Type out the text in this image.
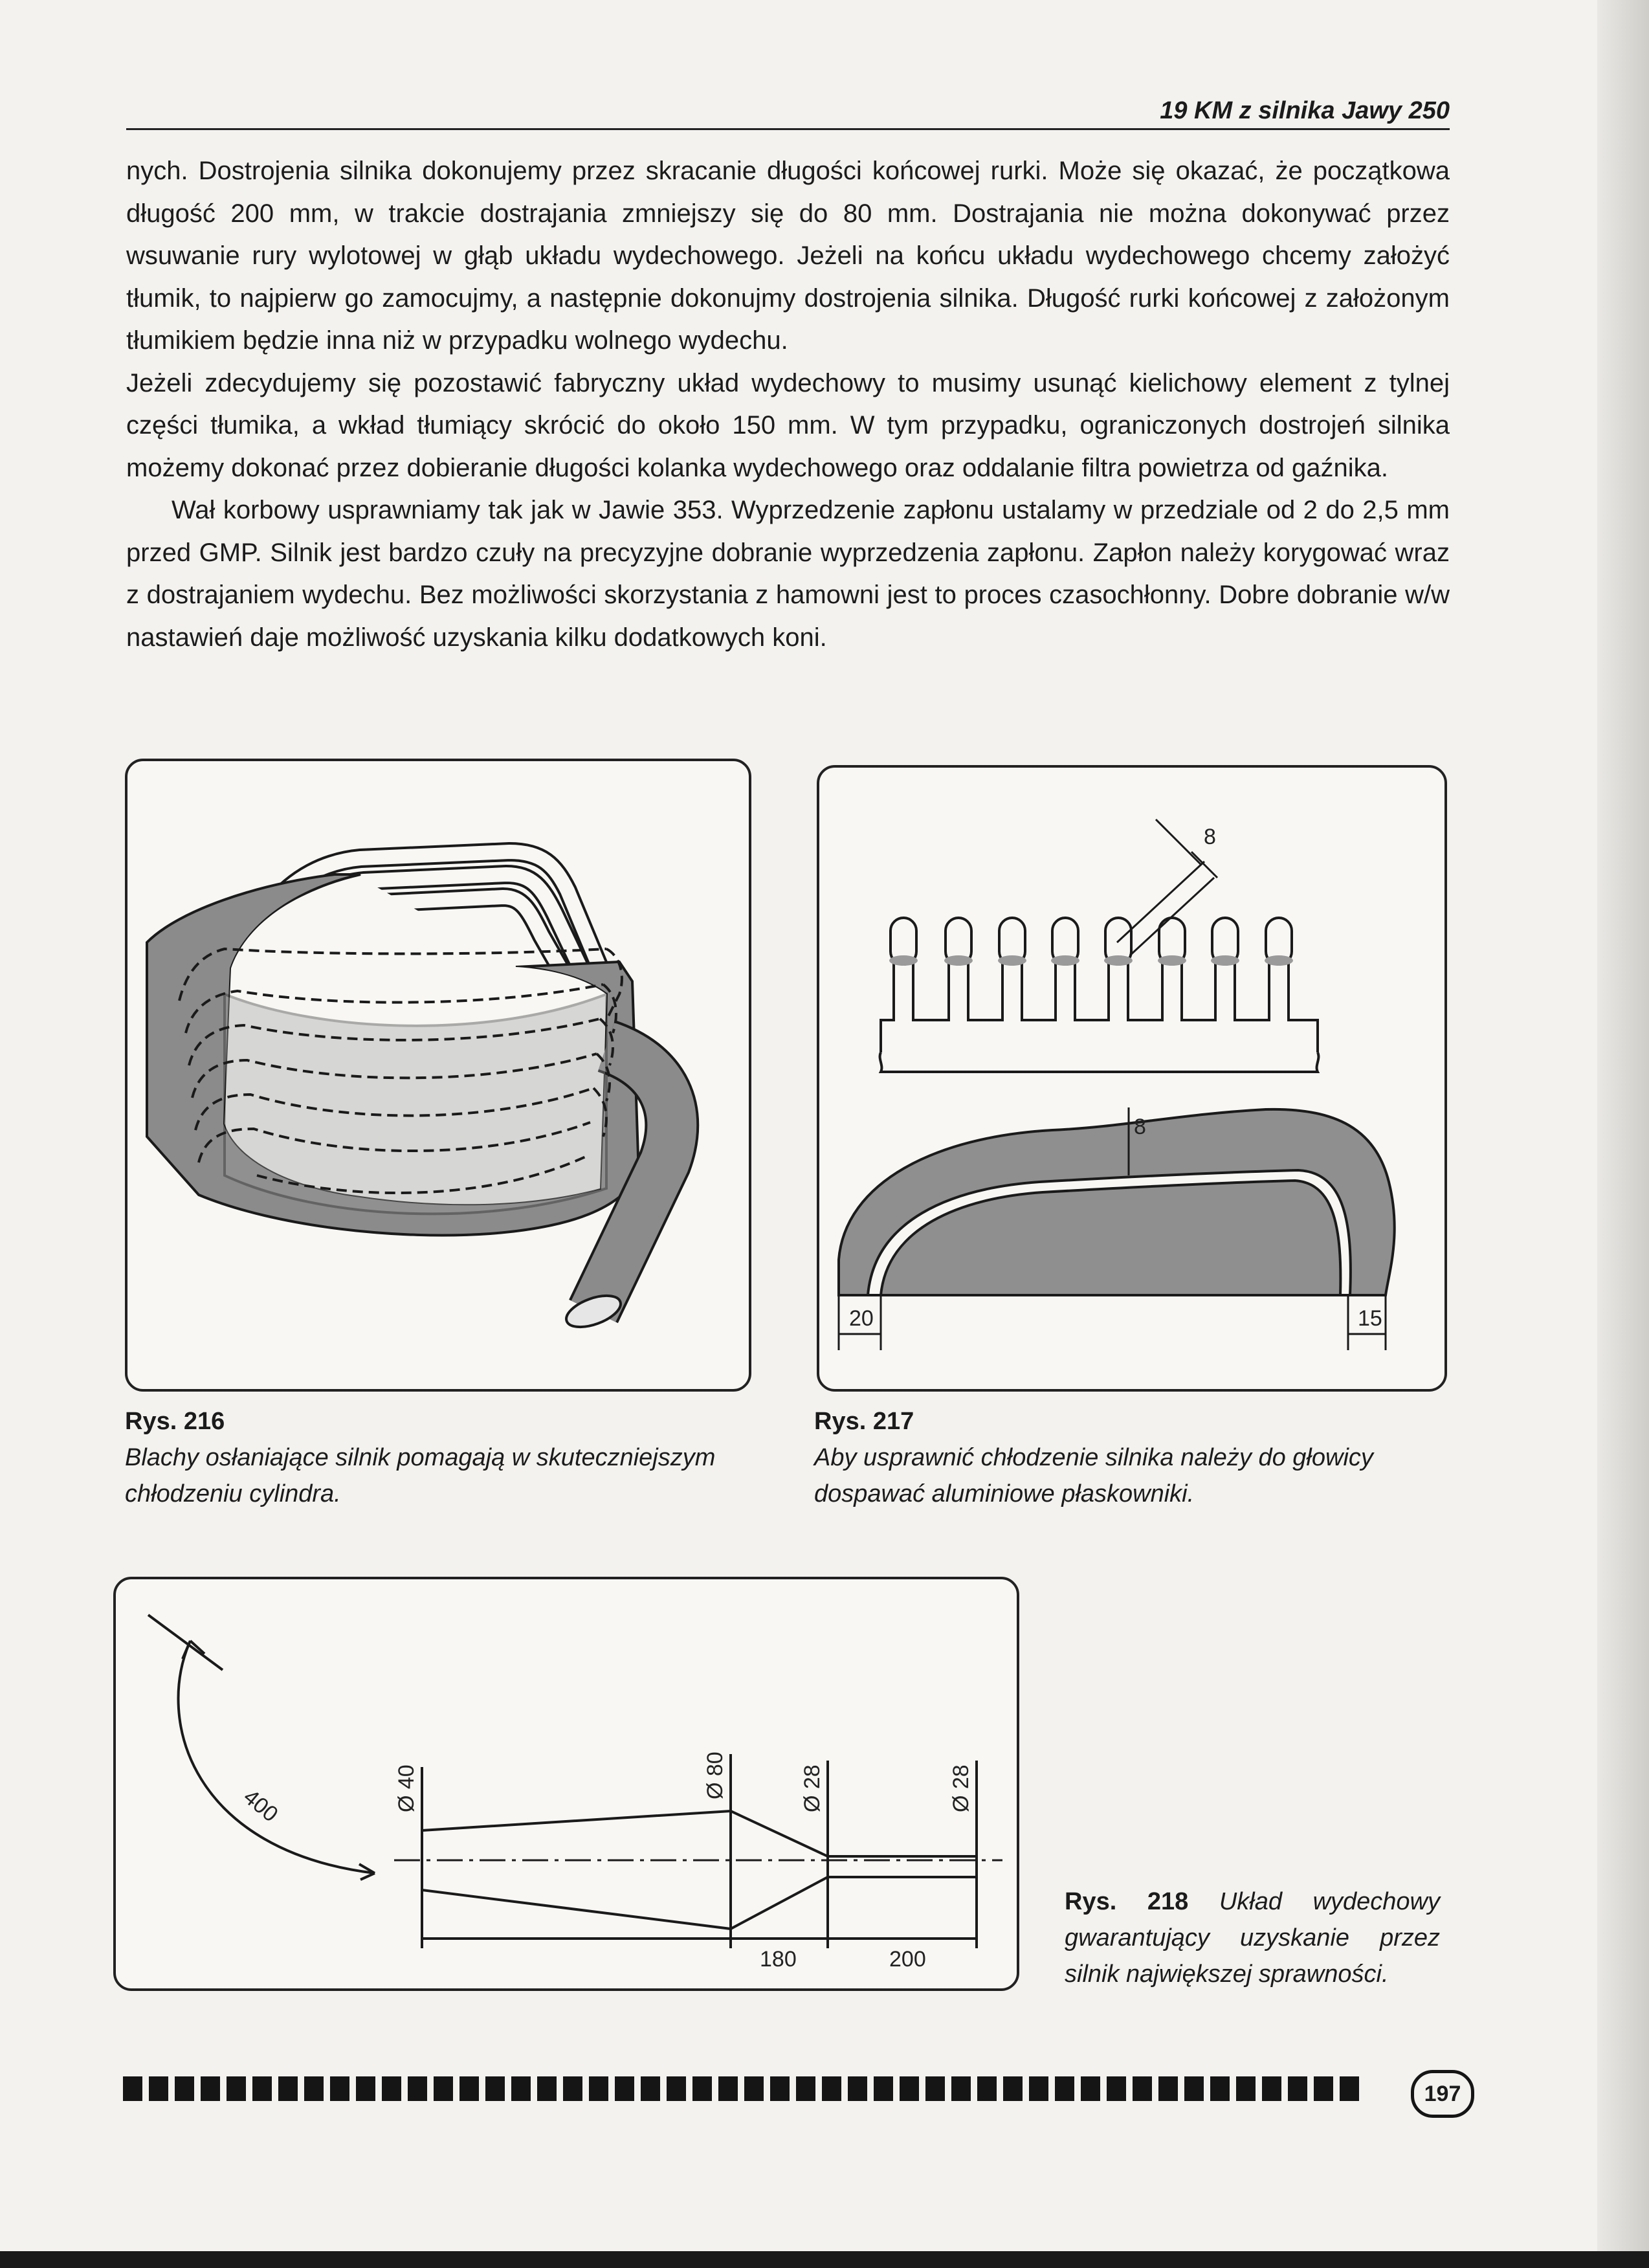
19 KM z silnika Jawy 250

nych. Dostrojenia silnika dokonujemy przez skracanie długości końcowej rurki. Może się okazać, że początkowa długość 200 mm, w trakcie dostrajania zmniejszy się do 80 mm. Dostrajania nie można dokonywać przez wsuwanie rury wylotowej w głąb układu wydechowego. Jeżeli na końcu układu wydechowego chcemy założyć tłumik, to najpierw go zamocujmy, a następnie dokonujmy dostrojenia silnika. Długość rurki końcowej z założonym tłumikiem będzie inna niż w przypadku wolnego wydechu.

Jeżeli zdecydujemy się pozostawić fabryczny układ wydechowy to musimy usunąć kielichowy element z tylnej części tłumika, a wkład tłumiący skrócić do około 150 mm. W tym przypadku, ograniczonych dostrojeń silnika możemy dokonać przez dobieranie długości kolanka wydechowego oraz oddalanie filtra powietrza od gaźnika.

Wał korbowy usprawniamy tak jak w Jawie 353. Wyprzedzenie zapłonu ustalamy w przedziale od 2 do 2,5 mm przed GMP. Silnik jest bardzo czuły na precyzyjne dobranie wyprzedzenia zapłonu. Zapłon należy korygować wraz z dostrajaniem wydechu. Bez możliwości skorzystania z hamowni jest to proces czasochłonny. Dobre dobranie w/w nastawień daje możliwość uzyskania kilku dodatkowych koni.

Rys. 216
Blachy osłaniające silnik pomagają w skuteczniejszym chłodzeniu cylindra.
8
8
20	15
Rys. 217
Aby usprawnić chłodzenie silnika należy do głowicy dospawać aluminiowe płaskowniki.
400	Ø 40	Ø 80	Ø 28	Ø 28
180	200
Rys. 218 Układ wydechowy gwarantujący uzyskanie przez silnik największej sprawności.
197
